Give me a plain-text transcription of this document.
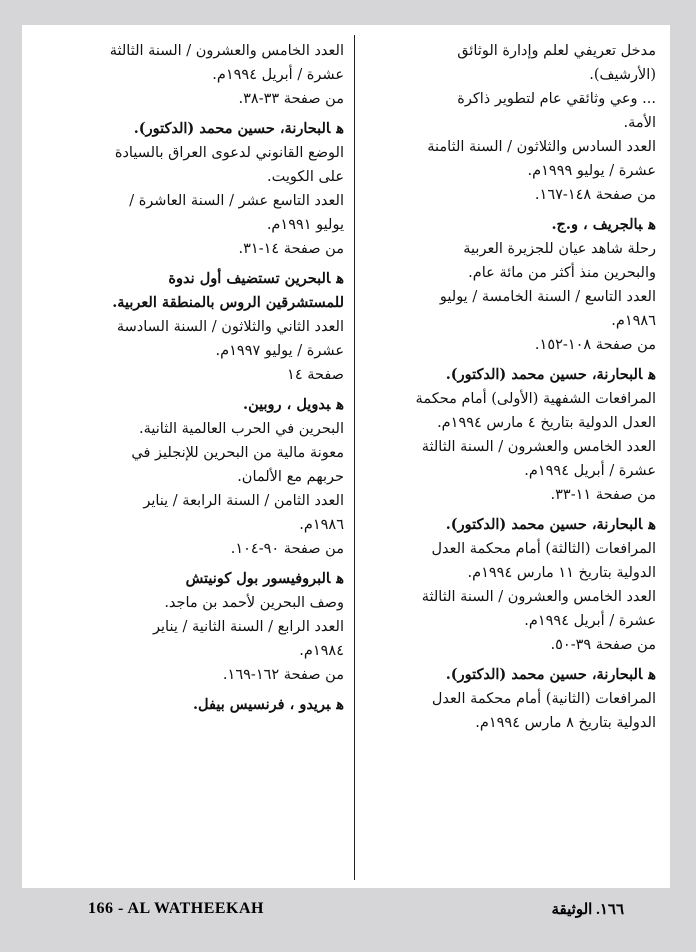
مدخل تعريفي لعلم وإدارة الوثائق
(الأرشيف).
... وعي وثائقي عام لتطوير ذاكرة
الأمة.
العدد السادس والثلاثون / السنة الثامنة
عشرة / يوليو ١٩٩٩م.
من صفحة ١٤٨-١٦٧.
هبالجريف ، و.ج.
رحلة شاهد عيان للجزيرة العربية
والبحرين منذ أكثر من مائة عام.
العدد التاسع / السنة الخامسة / يوليو
١٩٨٦م.
من صفحة ١٠٨-١٥٢.
هالبحارنة، حسين محمد (الدكتور).
المرافعات الشفهية (الأولى) أمام محكمة
العدل الدولية بتاريخ ٤ مارس ١٩٩٤م.
العدد الخامس والعشرون / السنة الثالثة
عشرة / أبريل ١٩٩٤م.
من صفحة ١١-٣٣.
هالبحارنة، حسين محمد (الدكتور).
المرافعات (الثالثة) أمام محكمة العدل
الدولية بتاريخ ١١ مارس ١٩٩٤م.
العدد الخامس والعشرون / السنة الثالثة
عشرة / أبريل ١٩٩٤م.
من صفحة ٣٩-٥٠.
هالبحارنة، حسين محمد (الدكتور).
المرافعات (الثانية) أمام محكمة العدل
الدولية بتاريخ ٨ مارس ١٩٩٤م.
العدد الخامس والعشرون / السنة الثالثة
عشرة / أبريل ١٩٩٤م.
من صفحة ٣٣-٣٨.
هالبحارنة، حسين محمد (الدكتور).
الوضع القانوني لدعوى العراق بالسيادة
على الكويت.
العدد التاسع عشر / السنة العاشرة /
يوليو ١٩٩١م.
من صفحة ١٤-٣١.
هالبحرين تستضيف أول ندوة
للمستشرقين الروس بالمنطقة العربية.
العدد الثاني والثلاثون / السنة السادسة
عشرة / يوليو ١٩٩٧م.
صفحة ١٤
هبدويل ، روبين.
البحرين في الحرب العالمية الثانية.
معونة مالية من البحرين للإنجليز في
حربهم مع الألمان.
العدد الثامن / السنة الرابعة / يناير
١٩٨٦م.
من صفحة ٩٠-١٠٤.
هالبروفيسور بول كونيتش
وصف البحرين لأحمد بن ماجد.
العدد الرابع / السنة الثانية / يناير
١٩٨٤م.
من صفحة ١٦٢-١٦٩.
هبريدو ، فرنسيس بيفل.
166 - AL WATHEEKAH	١٦٦. الوثيقة
